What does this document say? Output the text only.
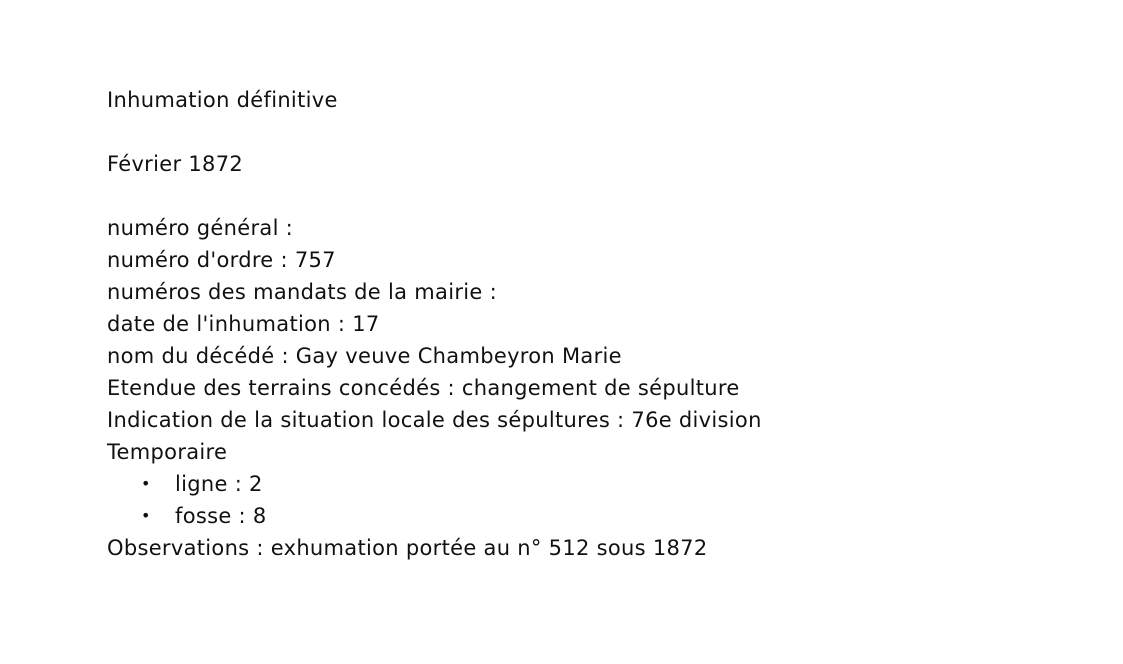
Inhumation définitive
Février 1872
numéro général :
numéro d'ordre : 757
numéros des mandats de la mairie :
date de l'inhumation : 17
nom du décédé : Gay veuve Chambeyron Marie
Etendue des terrains concédés : changement de sépulture
Indication de la situation locale des sépultures : 76e division
Temporaire
• ligne : 2
• fosse : 8
Observations : exhumation portée au n° 512 sous 1872
